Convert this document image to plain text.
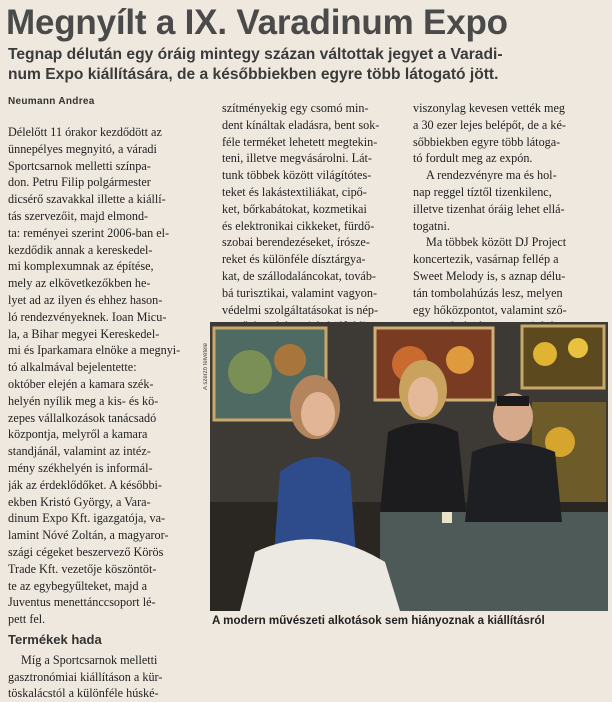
Megnyílt a IX. Varadinum Expo
Tegnap délután egy óráig mintegy százan váltottak jegyet a Varadi-
num Expo kiállítására, de a későbbiekben egyre több látogató jött.
Neumann Andrea
Délelőtt 11 órakor kezdődött az
ünnepélyes megnyitó, a váradi
Sportcsarnok melletti színpa-
don. Petru Filip polgármester
dicsérő szavakkal illette a kiállí-
tás szervezőit, majd elmond-
ta: reményei szerint 2006-ban el-
kezdődik annak a kereskedel-
mi komplexumnak az építése,
mely az elkövetkezőkben he-
lyet ad az ilyen és ehhez hason-
ló rendezvényeknek. Ioan Micu-
la, a Bihar megyei Kereskedel-
mi és Iparkamara elnöke a megnyi-
tó alkalmával bejelentette:
október elején a kamara szék-
helyén nyílik meg a kis- és kö-
zepes vállalkozások tanácsadó
központja, melyről a kamara
standjánál, valamint az intéz-
mény székhelyén is informál-
ják az érdeklődőket. A későbbi-
ekben Kristó György, a Vara-
dinum Expo Kft. igazgatója, va-
lamint Nóvé Zoltán, a magyaror-
szági cégeket beszervező Körös
Trade Kft. vezetője köszöntöt-
te az egybegyűlteket, majd a
Juventus menettánccsoport lé-
pett fel.
Termékek hada
Míg a Sportcsarnok melletti
gasztronómiai kiállításon a kür-
töskalácstól a különféle húské-
szítményekig egy csomó min-
dent kínáltak eladásra, bent sok-
féle terméket lehetett megtekin-
teni, illetve megvásárolni. Lát-
tunk többek között világítótes-
teket és lakástextiliákat, cipő-
ket, bőrkabátokat, kozmetikai
és elektronikai cikkeket, fürdő-
szobai berendezéseket, írósze-
reket és különféle dísztárgya-
kat, de szállodaláncokat, továb-
bá turisztikai, valamint vagyon-
védelmi szolgáltatásokat is nép-
viszonylag kevesen vették meg
a 30 ezer lejes belépőt, de a ké-
sőbbiekben egyre több látoga-
tó fordult meg az expón.
A rendezvényre ma és hol-
nap reggel tíztől tizenkilenc,
illetve tizenhat óráig lehet ellá-
togatni.
Ma többek között DJ Project
koncertezik, vasárnap fellép a
Sweet Melody is, s aznap délu-
tán tombolahúzás lesz, melyen
egy hőközpontot, valamint sző-
A szerző felvétele
A modern művészeti alkotások sem hiányoznak a kiállításról
